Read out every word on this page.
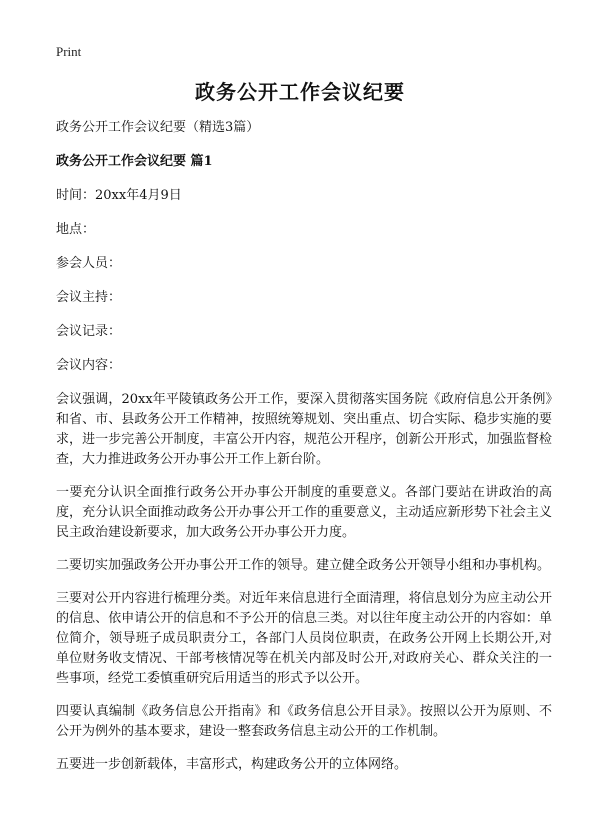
Print
政务公开工作会议纪要

政务公开工作会议纪要（精选3篇）

政务公开工作会议纪要 篇1

时间：20xx年4月9日

地点：

参会人员：

会议主持：

会议记录：

会议内容：

会议强调，20xx年平陵镇政务公开工作，要深入贯彻落实国务院《政府信息公开条例》和省、市、县政务公开工作精神，按照统筹规划、突出重点、切合实际、稳步实施的要求，进一步完善公开制度，丰富公开内容，规范公开程序，创新公开形式，加强监督检查，大力推进政务公开办事公开工作上新台阶。

一要充分认识全面推行政务公开办事公开制度的重要意义。各部门要站在讲政治的高度，充分认识全面推动政务公开办事公开工作的重要意义，主动适应新形势下社会主义民主政治建设新要求，加大政务公开办事公开力度。

二要切实加强政务公开办事公开工作的领导。建立健全政务公开领导小组和办事机构。

三要对公开内容进行梳理分类。对近年来信息进行全面清理，将信息划分为应主动公开的信息、依申请公开的信息和不予公开的信息三类。对以往年度主动公开的内容如：单位简介，领导班子成员职责分工，各部门人员岗位职责，在政务公开网上长期公开,对单位财务收支情况、干部考核情况等在机关内部及时公开,对政府关心、群众关注的一些事项，经党工委慎重研究后用适当的形式予以公开。

四要认真编制《政务信息公开指南》和《政务信息公开目录》。按照以公开为原则、不公开为例外的基本要求，建设一整套政务信息主动公开的工作机制。

五要进一步创新载体，丰富形式，构建政务公开的立体网络。
